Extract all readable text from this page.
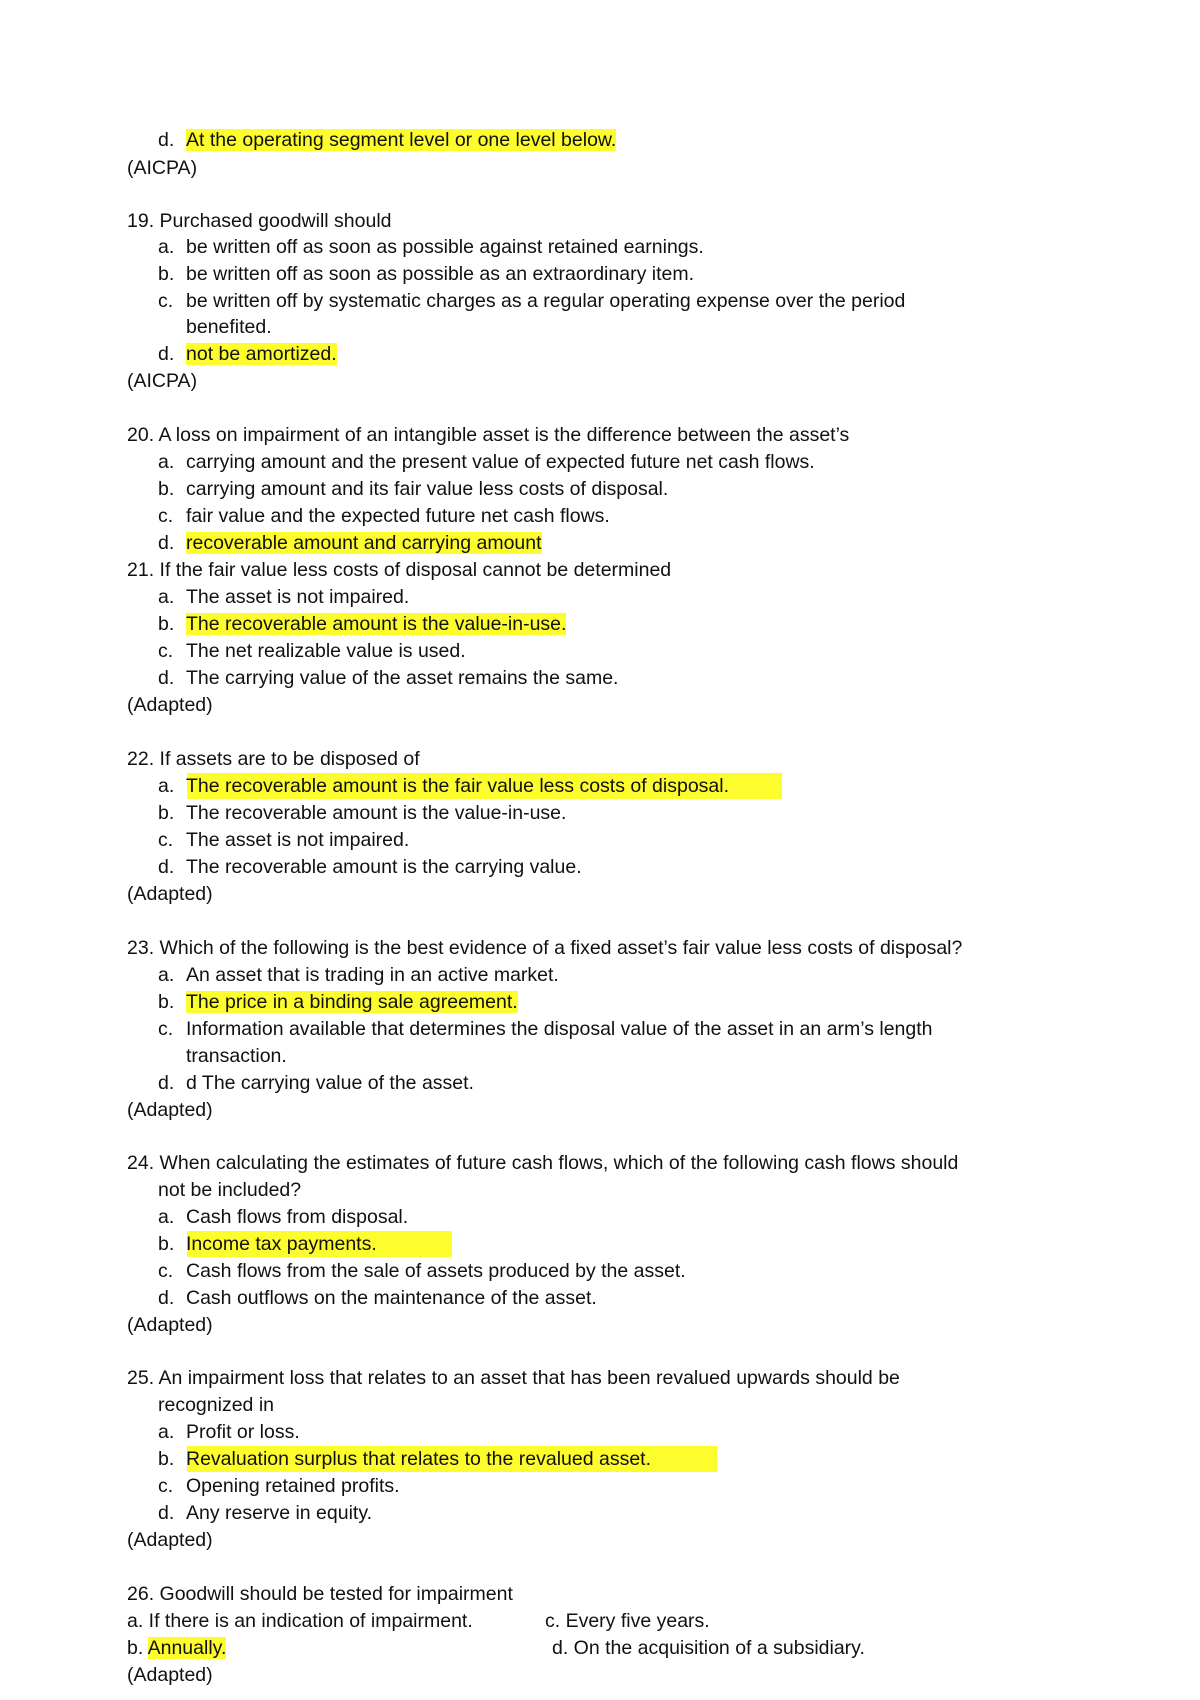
d. At the operating segment level or one level below.
(AICPA)
19. Purchased goodwill should
a. be written off as soon as possible against retained earnings.
b. be written off as soon as possible as an extraordinary item.
c. be written off by systematic charges as a regular operating expense over the period
benefited.
d. not be amortized.
(AICPA)
20. A loss on impairment of an intangible asset is the difference between the asset’s
a. carrying amount and the present value of expected future net cash flows.
b. carrying amount and its fair value less costs of disposal.
c. fair value and the expected future net cash flows.
d. recoverable amount and carrying amount
21. If the fair value less costs of disposal cannot be determined
a. The asset is not impaired.
b. The recoverable amount is the value-in-use.
c. The net realizable value is used.
d. The carrying value of the asset remains the same.
(Adapted)
22. If assets are to be disposed of
a. The recoverable amount is the fair value less costs of disposal.
b. The recoverable amount is the value-in-use.
c. The asset is not impaired.
d. The recoverable amount is the carrying value.
(Adapted)
23. Which of the following is the best evidence of a fixed asset’s fair value less costs of disposal?
a. An asset that is trading in an active market.
b. The price in a binding sale agreement.
c. Information available that determines the disposal value of the asset in an arm’s length
transaction.
d. d The carrying value of the asset.
(Adapted)
24. When calculating the estimates of future cash flows, which of the following cash flows should
not be included?
a. Cash flows from disposal.
b. Income tax payments.
c. Cash flows from the sale of assets produced by the asset.
d. Cash outflows on the maintenance of the asset.
(Adapted)
25. An impairment loss that relates to an asset that has been revalued upwards should be
recognized in
a. Profit or loss.
b. Revaluation surplus that relates to the revalued asset.
c. Opening retained profits.
d. Any reserve in equity.
(Adapted)
26. Goodwill should be tested for impairment
a. If there is an indication of impairment.	c. Every five years.
b. Annually.	d. On the acquisition of a subsidiary.
(Adapted)
